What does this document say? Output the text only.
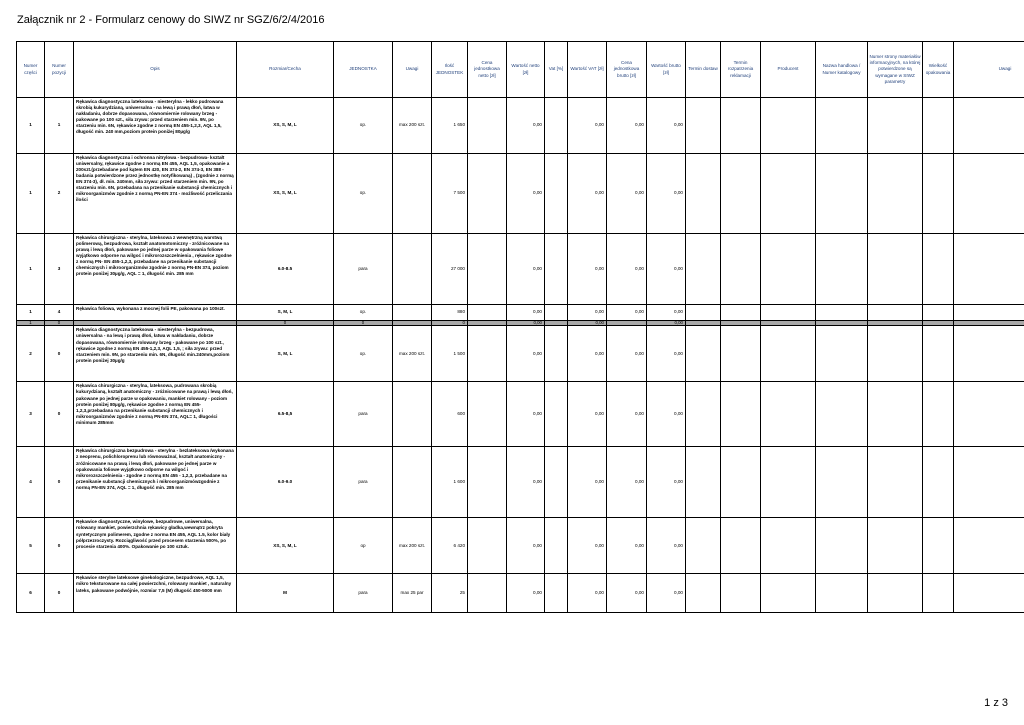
Załącznik nr 2 - Formularz cenowy do SIWZ nr SGZ/6/2/4/2016
Numer części	Numer pozycji	Opis	Rozmiar/Cecha	JEDNOSTKA	Uwagi	Ilość JEDNOSTEK	Cena jednostkowa netto [zł]	Wartość netto [zł]	Vat [%]	Wartość VAT [zł]	Cena jednostkowa brutto [zł]	Wartość brutto [zł]	Termin dostaw	Termin rozpatrzenia reklamacji	Producent	Nazwa handlowa / Numer katalogowy	Numer strony materiałów informacyjnych, na której potwierdzone są wymagane w SIWZ parametry	Wielkość opakowania	Uwagi
1	1	Rękawica diagnostyczna lateksowa - niesterylna - lekko pudrowana skrobią kukurydzianą, uniwersalna - na lewą i prawą dłoń, łatwa w nakładaniu, dobrze dopasowana, równomiernie rolowany brzeg - pakowane po 100 szt., siła zrywu: przed starzeniem min. 9N, po starzeniu min. 6N, rękawice zgodne z normą EN 455-1,2,3, AQL 1,5, długość min. 240 mm,poziom protein poniżej 80µg/g	XS, S, M, L	op.	max 200 szt.	1 650		0,00		0,00	0,00	0,00							
1	2	Rękawica diagnostyczna i ochronna nitrylowa - bezpudrowa- kształt uniwersalny, rękawice zgodne z normą EN 455, AQL 1,5, opakowanie a 200szt.(przebadane pod kątem EN 420, EN 374-2, EN 374-3, EN 388 - badania potwierdzone przez jednostkę notyfikowaną) , (zgodnie z normą EN 374-3), dł. min. 240mm, siła zrywu: przed starzeniem min. 9N, po starzeniu min. 6N, przebadana na przenikanie substancji chemicznych i mikroorganizmów zgodnie z normą PN-EN 374 - możliwość przeliczania ilości	XS, S, M, L	op.		7 500		0,00		0,00	0,00	0,00							
1	3	Rękawica chirurgiczna - sterylna, lateksowa z wewnętrzną warstwą polimerową, bezpudrowa, kształt anatomotomiczny - zróżnicowane na prawą i lewą dłoń, pakowane po jednej parze w opakowania foliowe wyjątkowo odporne na wilgoć i mikrorozszczelnienia , rękawice zgodne z normą PN- EN 455-1,2,3, przebadane na przenikanie substancji chemicznych i mikroorganizmów zgodnie z normą PN-EN 374, poziom protein poniżej 30µg/g, AQL = 1, długość min. 285 mm	6.0-8.5	para		27 000		0,00		0,00	0,00	0,00							
1	4	Rękawica foliowa, wykonana z mocnej folii PE, pakowana po 100szt.	S, M, L	op.		880		0,00		0,00	0,00	0,00							
1	0		0	0		0		0,00		0,00		0,00							
2	0	Rękawica diagnostyczna lateksowa - niesterylna - bezpudrowa, uniwersalna - na lewą i prawą dłoń, łatwa w nakładaniu, dobrze dopasowana, równomiernie rolowany brzeg - pakowane po 100 szt., rękawice zgodne z normą EN 455-1,2,3, AQL 1,5, ; siła zrywu: przed starzeniem min. 9N, po starzeniu min. 6N, długość min.240mm,poziom protein poniżej 30µg/g	S, M, L	op.	max 200 szt.	1 500		0,00		0,00	0,00	0,00							
3	0	Rękawica chirurgiczna - sterylna, lateksowa, pudrowana skrobią kukurydzianą, kształt anatomiczny - zróżnicowane na prawą i lewą dłoń, pakowane po jednej parze w opakowaniu, mankiet rolowany - poziom protein poniżej 80µg/g, rękawice zgodne z normą EN 455-1,2,3,przebadana na przenikanie substancji chemicznych i mikroorganizmów zgodnie z normą PN-EN 374, AQL= 1, długości minimum 285mm	6.5-8,5	para		600		0,00		0,00	0,00	0,00							
4	0	Rękawica chirurgiczna bezpudrowa - sterylna - bezlateksowa /wykonana z neoprenu, polichloroprenu lub równoważna/, kształt anatomiczny - zróżnicowane na prawą i lewą dłoń, pakowane po jednej parze w opakowania foliowe wyjątkowo odporne na wilgoć i mikrorozszczelnienia - zgodne z normą EN 455 - 1,2,3, przebadane na przenikanie substancji chemicznych i mikroorganizmówzgodnie z normą PN-EN 374, AQL = 1, długość min. 285 mm	6.0-9.0	para		1 600		0,00		0,00	0,00	0,00							
5	0	Rękawice diagnostyczne, winylowe, bezpudrowe, uniwersalna, rolowany mankiet, powierzchnia rękawicy gładka,wewnątrz pokryta syntetycznym polimerem, zgodne z norma EN 455, AQL 1.5, kolor biały półprzezroczysty. Rozciągliwość przed procesem starzenia 500%, po procesie starzenia 400%. Opakowanie po 100 sztuk.	XS, S, M, L	op	max 200 szt.	6 420		0,00		0,00	0,00	0,00							
6	0	Rękawice sterylne lateksowe ginekologiczne, bezpudrowe, AQL 1,5, mikro teksturowane na całej powierzchni, rolowany mankiet , naturalny lateks, pakowane podwójnie, rozmiar 7,5 (M) długość 450-5000 mm	M	para	max 25 par	25		0,00		0,00	0,00	0,00							
1 z 3
